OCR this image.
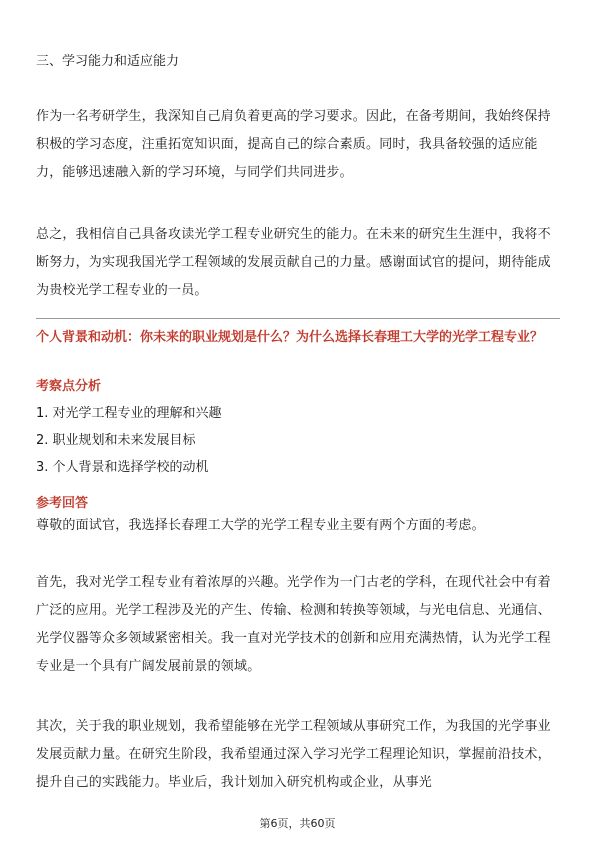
三、学习能力和适应能力

作为一名考研学生，我深知自己肩负着更高的学习要求。因此，在备考期间，我始终保持积极的学习态度，注重拓宽知识面，提高自己的综合素质。同时，我具备较强的适应能力，能够迅速融入新的学习环境，与同学们共同进步。

总之，我相信自己具备攻读光学工程专业研究生的能力。在未来的研究生生涯中，我将不断努力，为实现我国光学工程领域的发展贡献自己的力量。感谢面试官的提问，期待能成为贵校光学工程专业的一员。

个人背景和动机：你未来的职业规划是什么？为什么选择长春理工大学的光学工程专业？

考察点分析

1. 对光学工程专业的理解和兴趣

2. 职业规划和未来发展目标

3. 个人背景和选择学校的动机

参考回答

尊敬的面试官，我选择长春理工大学的光学工程专业主要有两个方面的考虑。

首先，我对光学工程专业有着浓厚的兴趣。光学作为一门古老的学科，在现代社会中有着广泛的应用。光学工程涉及光的产生、传输、检测和转换等领域，与光电信息、光通信、光学仪器等众多领域紧密相关。我一直对光学技术的创新和应用充满热情，认为光学工程专业是一个具有广阔发展前景的领域。

其次，关于我的职业规划，我希望能够在光学工程领域从事研究工作，为我国的光学事业发展贡献力量。在研究生阶段，我希望通过深入学习光学工程理论知识，掌握前沿技术，提升自己的实践能力。毕业后，我计划加入研究机构或企业，从事光

第6页，共60页
